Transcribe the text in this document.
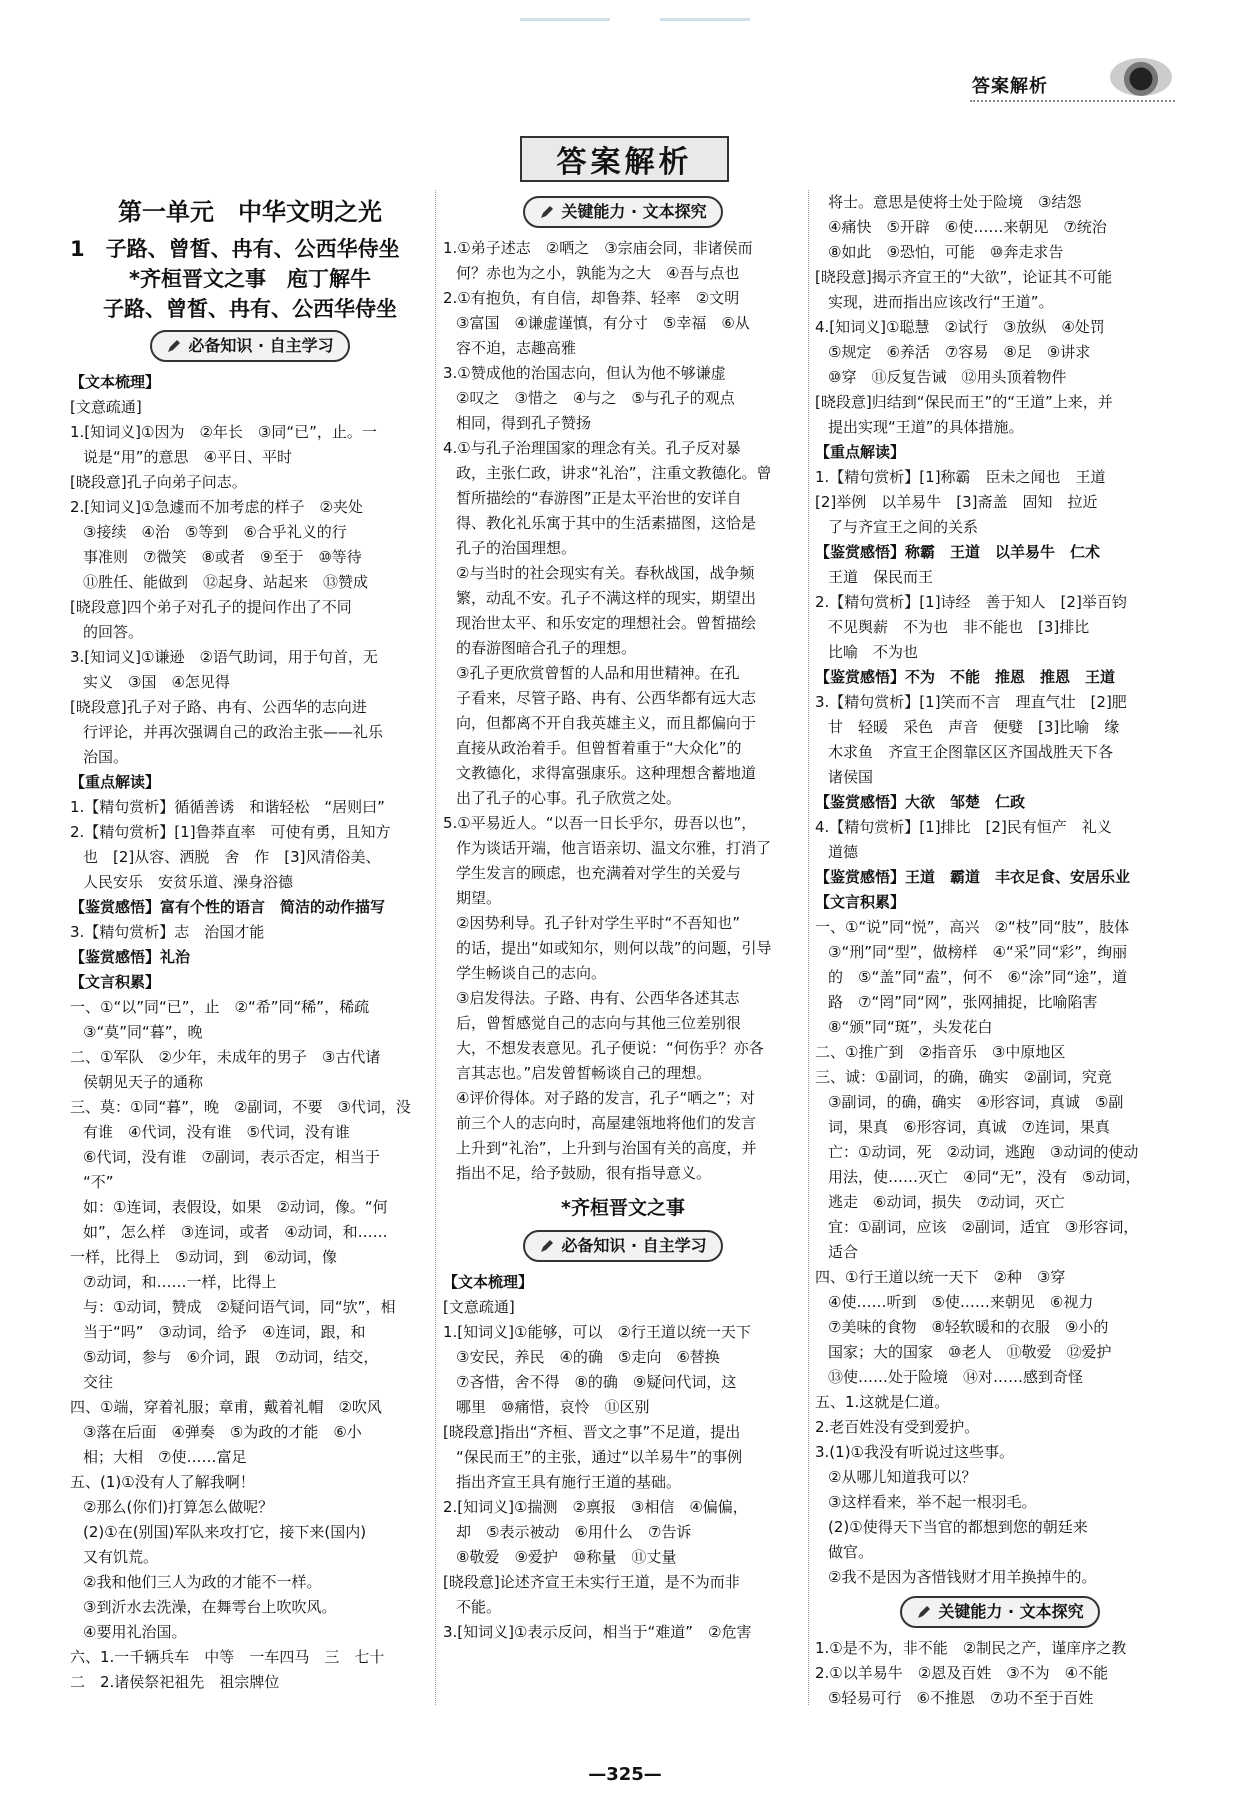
答案解析
答案解析
第一单元　中华文明之光
1　子路、曾皙、冉有、公西华侍坐
*齐桓晋文之事　庖丁解牛
子路、曾皙、冉有、公西华侍坐
必备知识 · 自主学习
【文本梳理】
[文意疏通]
1.[知词义]①因为　②年长　③同“已”，止。一
说是“用”的意思　④平日、平时
[晓段意]孔子向弟子问志。
2.[知词义]①急遽而不加考虑的样子　②夹处
③接续　④治　⑤等到　⑥合乎礼义的行
事准则　⑦微笑　⑧或者　⑨至于　⑩等待
⑪胜任、能做到　⑫起身、站起来　⑬赞成
[晓段意]四个弟子对孔子的提问作出了不同
的回答。
3.[知词义]①谦逊　②语气助词，用于句首，无
实义　③国　④怎见得
[晓段意]孔子对子路、冉有、公西华的志向进
行评论，并再次强调自己的政治主张——礼乐
治国。
【重点解读】
1.【精句赏析】循循善诱　和谐轻松　“居则曰”
2.【精句赏析】[1]鲁莽直率　可使有勇，且知方
也　[2]从容、洒脱　舍　作　[3]风清俗美、
人民安乐　安贫乐道、澡身浴德
【鉴赏感悟】富有个性的语言　简洁的动作描写
3.【精句赏析】志　治国才能
【鉴赏感悟】礼治
【文言积累】
一、①“以”同“已”，止　②“希”同“稀”，稀疏
③“莫”同“暮”，晚
二、①军队　②少年，未成年的男子　③古代诸
侯朝见天子的通称
三、莫：①同“暮”，晚　②副词，不要　③代词，没
有谁　④代词，没有谁　⑤代词，没有谁
⑥代词，没有谁　⑦副词，表示否定，相当于
“不”
如：①连词，表假设，如果　②动词，像。“何
如”，怎么样　③连词，或者　④动词，和……
一样，比得上　⑤动词，到　⑥动词，像
⑦动词，和……一样，比得上
与：①动词，赞成　②疑问语气词，同“欤”，相
当于“吗”　③动词，给予　④连词，跟，和
⑤动词，参与　⑥介词，跟　⑦动词，结交，
交往
四、①端，穿着礼服；章甫，戴着礼帽　②吹风
③落在后面　④弹奏　⑤为政的才能　⑥小
相；大相　⑦使……富足
五、(1)①没有人了解我啊！
②那么(你们)打算怎么做呢？
(2)①在(别国)军队来攻打它，接下来(国内)
又有饥荒。
②我和他们三人为政的才能不一样。
③到沂水去洗澡，在舞雩台上吹吹风。
④要用礼治国。
六、1.一千辆兵车　中等　一车四马　三　七十
二　2.诸侯祭祀祖先　祖宗牌位
关键能力 · 文本探究
1.①弟子述志　②哂之　③宗庙会同，非诸侯而
何？赤也为之小，孰能为之大　④吾与点也
2.①有抱负，有自信，却鲁莽、轻率　②文明
③富国　④谦虚谨慎，有分寸　⑤幸福　⑥从
容不迫，志趣高雅
3.①赞成他的治国志向，但认为他不够谦虚
②叹之　③惜之　④与之　⑤与孔子的观点
相同，得到孔子赞扬
4.①与孔子治理国家的理念有关。孔子反对暴
政，主张仁政，讲求“礼治”，注重文教德化。曾
皙所描绘的“春游图”正是太平治世的安详自
得、教化礼乐寓于其中的生活素描图，这恰是
孔子的治国理想。
②与当时的社会现实有关。春秋战国，战争频
繁，动乱不安。孔子不满这样的现实，期望出
现治世太平、和乐安定的理想社会。曾皙描绘
的春游图暗合孔子的理想。
③孔子更欣赏曾皙的人品和用世精神。在孔
子看来，尽管子路、冉有、公西华都有远大志
向，但都离不开自我英雄主义，而且都偏向于
直接从政治着手。但曾皙着重于“大众化”的
文教德化，求得富强康乐。这种理想含蓄地道
出了孔子的心事。孔子欣赏之处。
5.①平易近人。“以吾一日长乎尔，毋吾以也”，
作为谈话开端，他言语亲切、温文尔雅，打消了
学生发言的顾虑，也充满着对学生的关爱与
期望。
②因势利导。孔子针对学生平时“不吾知也”
的话，提出“如或知尔，则何以哉”的问题，引导
学生畅谈自己的志向。
③启发得法。子路、冉有、公西华各述其志
后，曾皙感觉自己的志向与其他三位差别很
大，不想发表意见。孔子便说：“何伤乎？亦各
言其志也。”启发曾皙畅谈自己的理想。
④评价得体。对子路的发言，孔子“哂之”；对
前三个人的志向时，高屋建瓴地将他们的发言
上升到“礼治”，上升到与治国有关的高度，并
指出不足，给予鼓励，很有指导意义。
*齐桓晋文之事
必备知识 · 自主学习
【文本梳理】
[文意疏通]
1.[知词义]①能够，可以　②行王道以统一天下
③安民，养民　④的确　⑤走向　⑥替换
⑦吝惜，舍不得　⑧的确　⑨疑问代词，这
哪里　⑩痛惜，哀怜　⑪区别
[晓段意]指出“齐桓、晋文之事”不足道，提出
“保民而王”的主张，通过“以羊易牛”的事例
指出齐宣王具有施行王道的基础。
2.[知词义]①揣测　②禀报　③相信　④偏偏，
却　⑤表示被动　⑥用什么　⑦告诉
⑧敬爱　⑨爱护　⑩称量　⑪丈量
[晓段意]论述齐宣王未实行王道，是不为而非
不能。
3.[知词义]①表示反问，相当于“难道”　②危害
将士。意思是使将士处于险境　③结怨
④痛快　⑤开辟　⑥使……来朝见　⑦统治
⑧如此　⑨恐怕，可能　⑩奔走求告
[晓段意]揭示齐宣王的“大欲”，论证其不可能
实现，进而指出应该改行“王道”。
4.[知词义]①聪慧　②试行　③放纵　④处罚
⑤规定　⑥养活　⑦容易　⑧足　⑨讲求
⑩穿　⑪反复告诫　⑫用头顶着物件
[晓段意]归结到“保民而王”的“王道”上来，并
提出实现“王道”的具体措施。
【重点解读】
1.【精句赏析】[1]称霸　臣未之闻也　王道
[2]举例　以羊易牛　[3]斋盖　固知　拉近
了与齐宣王之间的关系
【鉴赏感悟】称霸　王道　以羊易牛　仁术
王道　保民而王
2.【精句赏析】[1]诗经　善于知人　[2]举百钧
不见舆薪　不为也　非不能也　[3]排比
比喻　不为也
【鉴赏感悟】不为　不能　推恩　推恩　王道
3.【精句赏析】[1]笑而不言　理直气壮　[2]肥
甘　轻暖　采色　声音　便嬖　[3]比喻　缘
木求鱼　齐宣王企图靠区区齐国战胜天下各
诸侯国
【鉴赏感悟】大欲　邹楚　仁政
4.【精句赏析】[1]排比　[2]民有恒产　礼义
道德
【鉴赏感悟】王道　霸道　丰衣足食、安居乐业
【文言积累】
一、①“说”同“悦”，高兴　②“枝”同“肢”，肢体
③“刑”同“型”，做榜样　④“采”同“彩”，绚丽
的　⑤“盖”同“盍”，何不　⑥“涂”同“途”，道
路　⑦“罔”同“网”，张网捕捉，比喻陷害
⑧“颁”同“斑”，头发花白
二、①推广到　②指音乐　③中原地区
三、诚：①副词，的确，确实　②副词，究竟
③副词，的确，确实　④形容词，真诚　⑤副
词，果真　⑥形容词，真诚　⑦连词，果真
亡：①动词，死　②动词，逃跑　③动词的使动
用法，使……灭亡　④同“无”，没有　⑤动词，
逃走　⑥动词，损失　⑦动词，灭亡
宜：①副词，应该　②副词，适宜　③形容词，
适合
四、①行王道以统一天下　②种　③穿
④使……听到　⑤使……来朝见　⑥视力
⑦美味的食物　⑧轻软暖和的衣服　⑨小的
国家；大的国家　⑩老人　⑪敬爱　⑫爱护
⑬使……处于险境　⑭对……感到奇怪
五、1.这就是仁道。
2.老百姓没有受到爱护。
3.(1)①我没有听说过这些事。
②从哪儿知道我可以？
③这样看来，举不起一根羽毛。
(2)①使得天下当官的都想到您的朝廷来
做官。
②我不是因为吝惜钱财才用羊换掉牛的。
关键能力 · 文本探究
1.①是不为，非不能　②制民之产，谨庠序之教
2.①以羊易牛　②恩及百姓　③不为　④不能
⑤轻易可行　⑥不推恩　⑦功不至于百姓
—325—
